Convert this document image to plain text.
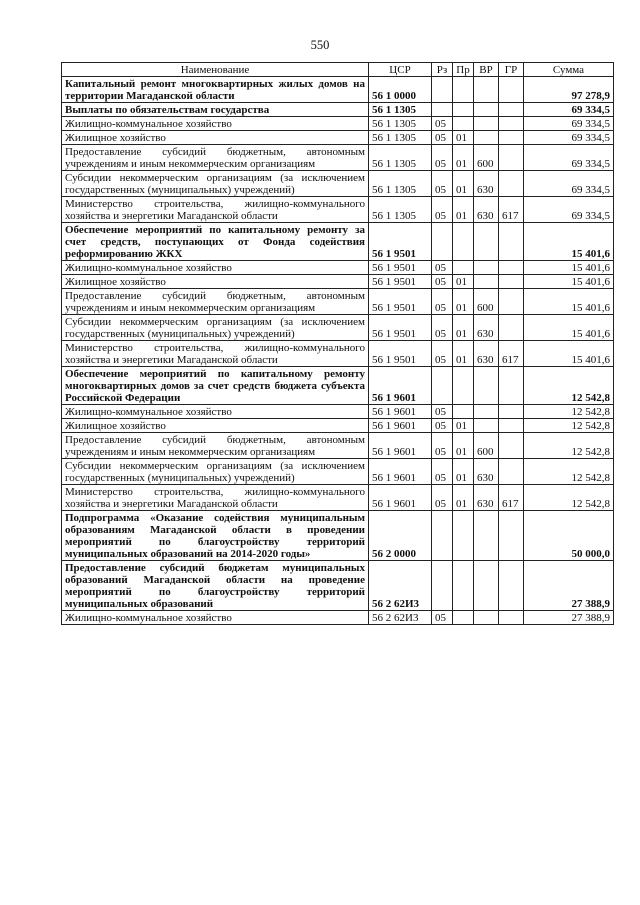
550
Наименование	ЦСР	Рз	Пр	ВР	ГР	Сумма
Капитальный ремонт многоквартирных жилых домов на территории Магаданской области	56 1 0000					97 278,9
Выплаты по обязательствам государства	56 1 1305					69 334,5
Жилищно-коммунальное хозяйство	56 1 1305	05				69 334,5
Жилищное хозяйство	56 1 1305	05	01			69 334,5
Предоставление субсидий бюджетным, автономным учреждениям и иным некоммерческим организациям	56 1 1305	05	01	600		69 334,5
Субсидии некоммерческим организациям (за исключением государственных (муниципальных) учреждений)	56 1 1305	05	01	630		69 334,5
Министерство строительства, жилищно-коммунального хозяйства и энергетики Магаданской области	56 1 1305	05	01	630	617	69 334,5
Обеспечение мероприятий по капитальному ремонту за счет средств, поступающих от Фонда содействия реформированию ЖКХ	56 1 9501					15 401,6
Жилищно-коммунальное хозяйство	56 1 9501	05				15 401,6
Жилищное хозяйство	56 1 9501	05	01			15 401,6
Предоставление субсидий бюджетным, автономным учреждениям и иным некоммерческим организациям	56 1 9501	05	01	600		15 401,6
Субсидии некоммерческим организациям (за исключением государственных (муниципальных) учреждений)	56 1 9501	05	01	630		15 401,6
Министерство строительства, жилищно-коммунального хозяйства и энергетики Магаданской области	56 1 9501	05	01	630	617	15 401,6
Обеспечение мероприятий по капитальному ремонту многоквартирных домов за счет средств бюджета субъекта Российской Федерации	56 1 9601					12 542,8
Жилищно-коммунальное хозяйство	56 1 9601	05				12 542,8
Жилищное хозяйство	56 1 9601	05	01			12 542,8
Предоставление субсидий бюджетным, автономным учреждениям и иным некоммерческим организациям	56 1 9601	05	01	600		12 542,8
Субсидии некоммерческим организациям (за исключением государственных (муниципальных) учреждений)	56 1 9601	05	01	630		12 542,8
Министерство строительства, жилищно-коммунального хозяйства и энергетики Магаданской области	56 1 9601	05	01	630	617	12 542,8
Подпрограмма «Оказание содействия муниципальным образованиям Магаданской области в проведении мероприятий по благоустройству территорий муниципальных образований на 2014-2020 годы»	56 2 0000					50 000,0
Предоставление субсидий бюджетам муниципальных образований Магаданской области на проведение мероприятий по благоустройству территорий муниципальных образований	56 2 62И3					27 388,9
Жилищно-коммунальное хозяйство	56 2 62И3	05				27 388,9
